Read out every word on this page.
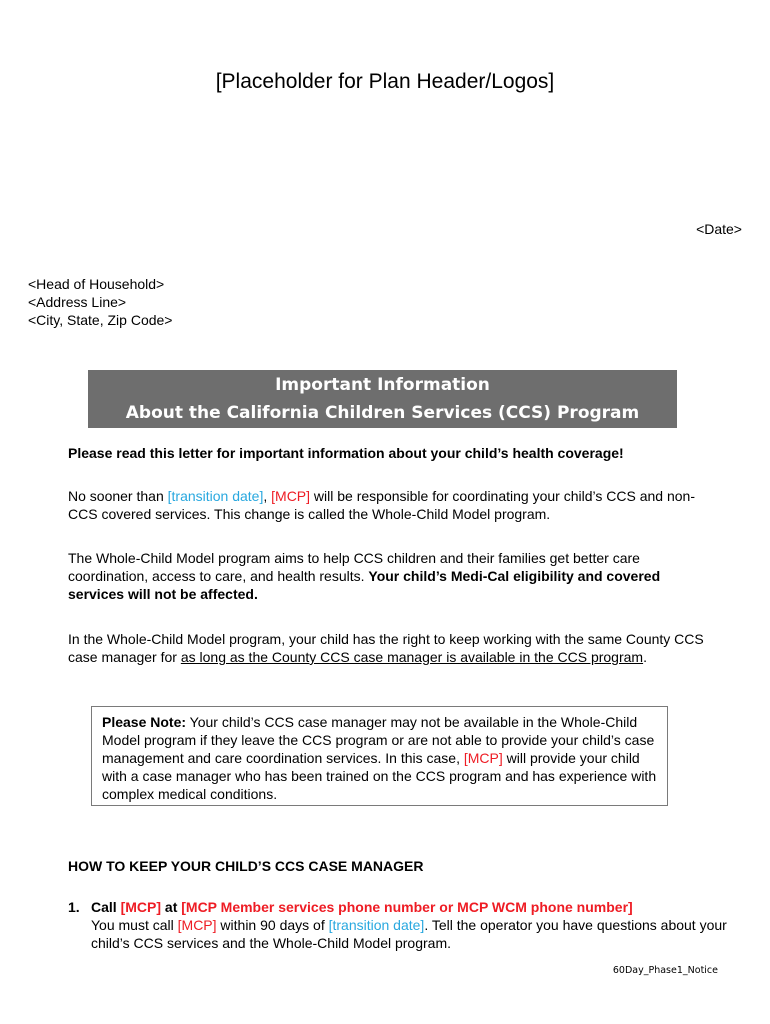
[Placeholder for Plan Header/Logos]
<Date>
<Head of Household>
<Address Line>
<City, State, Zip Code>
Important Information
About the California Children Services (CCS) Program
Please read this letter for important information about your child’s health coverage!
No sooner than [transition date], [MCP] will be responsible for coordinating your child’s CCS and non-CCS covered services. This change is called the Whole-Child Model program.
The Whole-Child Model program aims to help CCS children and their families get better care coordination, access to care, and health results. Your child’s Medi-Cal eligibility and covered services will not be affected.
In the Whole-Child Model program, your child has the right to keep working with the same County CCS case manager for as long as the County CCS case manager is available in the CCS program.
Please Note: Your child’s CCS case manager may not be available in the Whole-Child Model program if they leave the CCS program or are not able to provide your child’s case management and care coordination services. In this case, [MCP] will provide your child with a case manager who has been trained on the CCS program and has experience with complex medical conditions.
HOW TO KEEP YOUR CHILD’S CCS CASE MANAGER
1. Call [MCP] at [MCP Member services phone number or MCP WCM phone number]
You must call [MCP] within 90 days of [transition date]. Tell the operator you have questions about your child’s CCS services and the Whole-Child Model program.
60Day_Phase1_Notice
